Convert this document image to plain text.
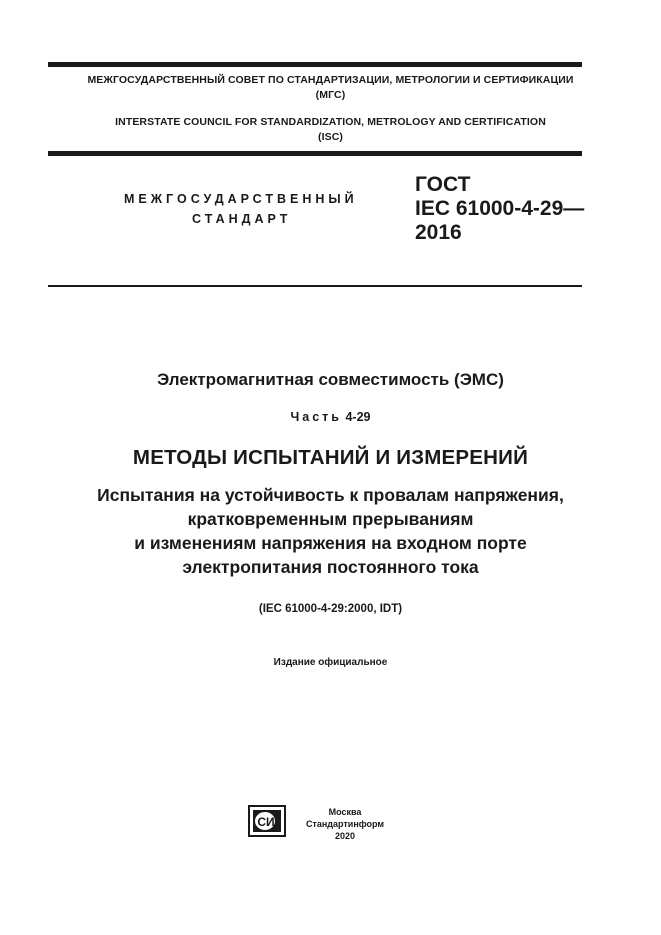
МЕЖГОСУДАРСТВЕННЫЙ СОВЕТ ПО СТАНДАРТИЗАЦИИ, МЕТРОЛОГИИ И СЕРТИФИКАЦИИ
(МГС)
INTERSTATE COUNCIL FOR STANDARDIZATION, METROLOGY AND CERTIFICATION
(ISC)
МЕЖГОСУДАРСТВЕННЫЙ
СТАНДАРТ
ГОСТ
IEC 61000-4-29—
2016
Электромагнитная совместимость (ЭМС)
Часть 4-29
МЕТОДЫ ИСПЫТАНИЙ И ИЗМЕРЕНИЙ
Испытания на устойчивость к провалам напряжения,
кратковременным прерываниям
и изменениям напряжения на входном порте
электропитания постоянного тока
(IEC 61000-4-29:2000, IDT)
Издание официальное
СИ
Москва
Стандартинформ
2020
